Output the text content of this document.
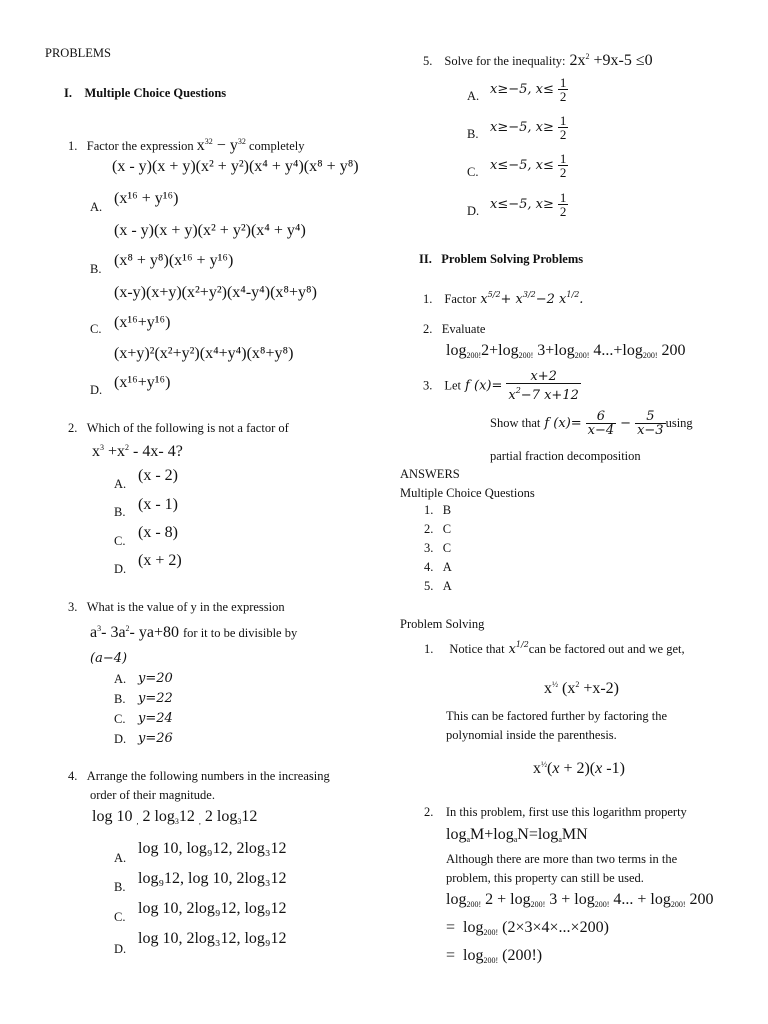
PROBLEMS
I. Multiple Choice Questions
1. Factor the expression $x^{32} - y^{32}$ completely
(x - y)(x + y)(x² + y²)(x⁴ + y⁴)(x⁸ + y⁸)
A. (x¹⁶ + y¹⁶)
(x - y)(x + y)(x² + y²)(x⁴ + y⁴)
B. (x⁸ + y⁸)(x¹⁶ + y¹⁶)
(x-y)(x+y)(x²+y²)(x⁴-y⁴)(x⁸+y⁸)
C. (x¹⁶+y¹⁶)
(x+y)²(x²+y²)(x⁴+y⁴)(x⁸+y⁸)
D. (x¹⁶+y¹⁶)
2. Which of the following is not a factor of
$x^3 +x^2 - 4x-$ 4?
A. (x - 2)
B. (x - 1)
C. (x - 8)
D. (x + 2)
3. What is the value of y in the expression
$a^3-$ $3a^2-$ ya+80 for it to be divisible by
(a−4)
A. y=20
B. y=22
C. y=24
D. y=26
4. Arrange the following numbers in the increasing
order of their magnitude.
log 10 $_,$ 2 $\log_312$ $_,$ 2 $\log_312$
A.
log 10, log₉12, 2log₃12
B. log₉12, log 10, 2log₃12
C. log 10, 2log₉12, log₉12
D.
log 10, 2log₃12, log₉12
5. Solve for the inequality: $2x^2 +9x-5 \le 0$
A. x≥−5, $x\le \frac{1}{2}$
B. x≥−5, $x\ge \frac{1}{2}$
C. x≤−5, $x\le \frac{1}{2}$
D. x≤−5, $x\ge \frac{1}{2}$
II. Problem Solving Problems
1. Factor $x^{5/2}+ x^{3/2}-2$ $x^{1/2}$.
2. Evaluate
$\log_{200!}2+\log_{200!}$ $3+\log_{200!}$ $4...+\log_{200!}$ 200
3. Let f $(x)= \frac{x+2}{x^2-7 x+12}$
Show that f $(x)= \frac{6}{x-4} - \frac{5}{x-3}$ using
partial fraction decomposition
ANSWERS
Multiple Choice Questions
1. B
2. C
3. C
4. A
5. A
Problem Solving
1. Notice that $x^{1/2}can$ be factored out and we get,
$x^{\frac{1}{2}}$ $(x^2 +x-2)$
This can be factored further by factoring the
polynomial inside the parenthesis.
$x^{\frac{1}{2}}(x + 2)(x$ -1)
2. In this problem, first use this logarithm property
$\log_aM+\log_aN=\log_aMN$
Although there are more than two terms in the
problem, this property can still be used.
$\log_{200!} 2 + \log_{200!} 3 + \log_{200!} 4$... + $\log_{200!} 200$
=  $\log_{200!} (2\times 3\times 4\times...\times 200)$
=  $\log_{200!} (200!)$
